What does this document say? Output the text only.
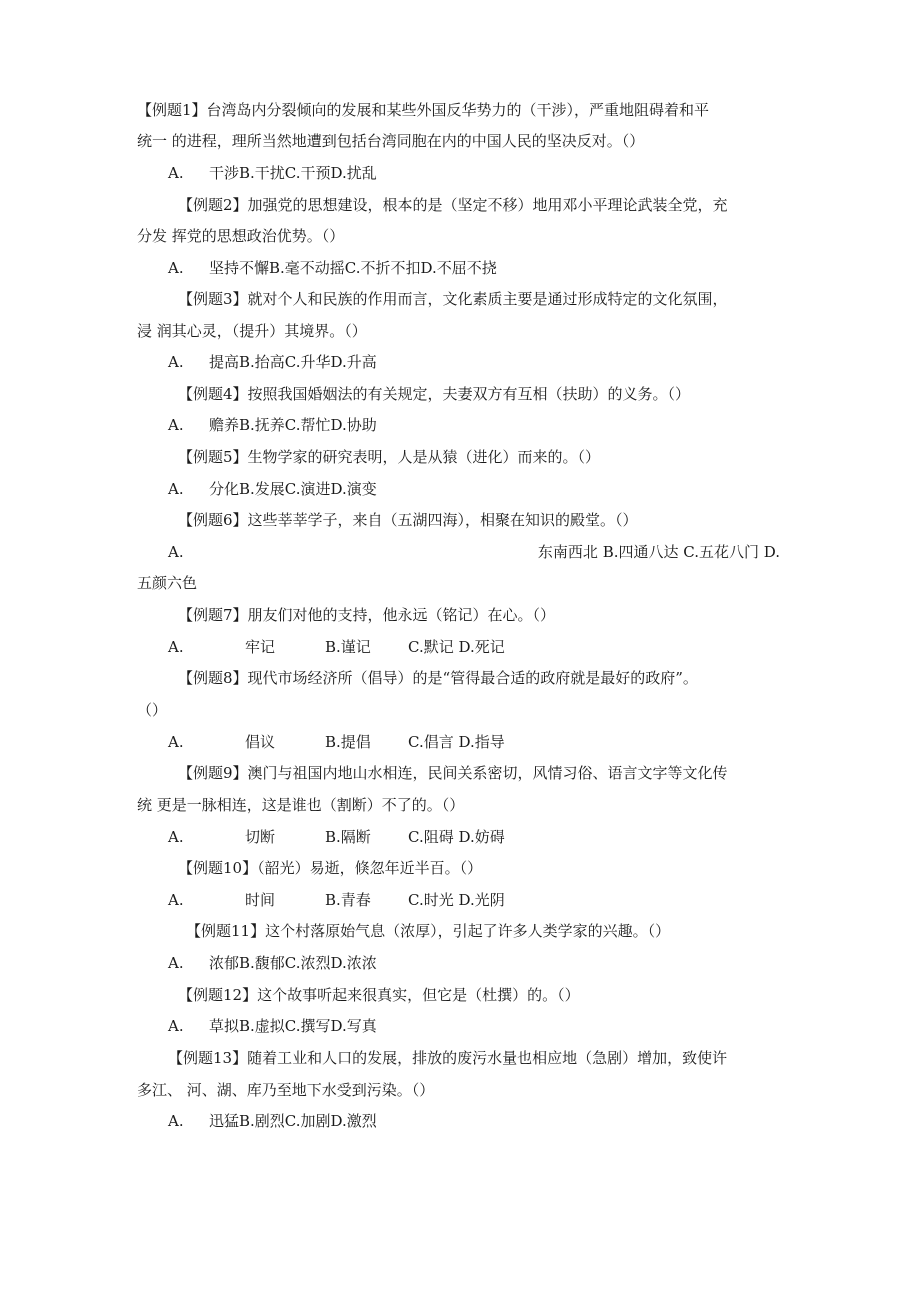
【例题1】台湾岛内分裂倾向的发展和某些外国反华势力的（干涉），严重地阻碍着和平
统一 的进程，理所当然地遭到包括台湾同胞在内的中国人民的坚决反对。（）
A. 干涉B.干扰C.干预D.扰乱
【例题2】加强党的思想建设，根本的是（坚定不移）地用邓小平理论武装全党，充
分发 挥党的思想政治优势。（）
A. 坚持不懈B.毫不动摇C.不折不扣D.不屈不挠
【例题3】就对个人和民族的作用而言，文化素质主要是通过形成特定的文化氛围，
浸 润其心灵，（提升）其境界。（）
A. 提高B.抬高C.升华D.升高
【例题4】按照我国婚姻法的有关规定，夫妻双方有互相（扶助）的义务。（）
A. 赡养B.抚养C.帮忙D.协助
【例题5】生物学家的研究表明，人是从猿（进化）而来的。（）
A. 分化B.发展C.演进D.演变
【例题6】这些莘莘学子，来自（五湖四海），相聚在知识的殿堂。（）
A.	东南西北 B.四通八达 C.五花八门 D.
五颜六色
【例题7】朋友们对他的支持，他永远（铭记）在心。（）
A.	牢记	B.谨记 C.默记 D.死记
【例题8】现代市场经济所（倡导）的是“管得最合适的政府就是最好的政府”。
（）
A.	倡议	B.提倡 C.倡言 D.指导
【例题9】澳门与祖国内地山水相连，民间关系密切，风情习俗、语言文字等文化传
统 更是一脉相连，这是谁也（割断）不了的。（）
A.	切断	B.隔断 C.阻碍 D.妨碍
【例题10】（韶光）易逝，倏忽年近半百。（）
A.	时间	B.青春 C.时光 D.光阴
【例题11】这个村落原始气息（浓厚），引起了许多人类学家的兴趣。（）
A. 浓郁B.馥郁C.浓烈D.浓浓
【例题12】这个故事听起来很真实，但它是（杜撰）的。（）
A. 草拟B.虚拟C.撰写D.写真
【例题13】随着工业和人口的发展，排放的废污水量也相应地（急剧）增加，致使许
多江、 河、湖、库乃至地下水受到污染。（）
A. 迅猛B.剧烈C.加剧D.激烈
